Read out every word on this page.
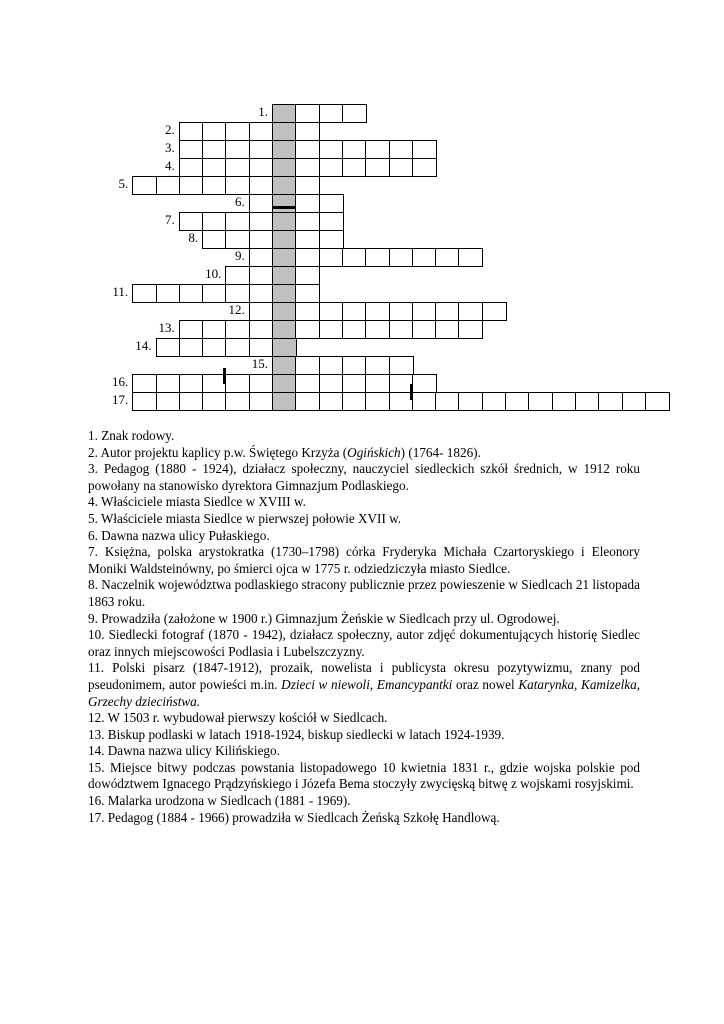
1.
2.
3.
4.
5.
6.
7.
8.
9.
10.
11.
12.
13.
14.
15.
16.
17.

1. Znak rodowy.

2. Autor projektu kaplicy p.w. Świętego Krzyża (Ogińskich) (1764- 1826).

3. Pedagog (1880 - 1924), działacz społeczny, nauczyciel siedleckich szkół średnich, w 1912 roku powołany na stanowisko dyrektora Gimnazjum Podlaskiego.

4. Właściciele miasta Siedlce w XVIII w.

5. Właściciele miasta Siedlce w pierwszej połowie XVII w.

6. Dawna nazwa ulicy Pułaskiego.

7. Księżna, polska arystokratka (1730–1798) córka Fryderyka Michała Czartoryskiego i Eleonory Moniki Waldsteinówny, po śmierci ojca w 1775 r. odziedziczyła miasto Siedlce.

8. Naczelnik województwa podlaskiego stracony publicznie przez powieszenie w Siedlcach 21 listopada 1863 roku.

9. Prowadziła (założone w 1900 r.) Gimnazjum Żeńskie w Siedlcach przy ul. Ogrodowej.

10. Siedlecki fotograf (1870 - 1942), działacz społeczny, autor zdjęć dokumentujących historię Siedlec oraz innych miejscowości Podlasia i Lubelszczyzny.

11. Polski pisarz (1847-1912), prozaik, nowelista i publicysta okresu pozytywizmu, znany pod pseudonimem, autor powieści m.in. Dzieci w niewoli, Emancypantki oraz nowel Katarynka, Kamizelka, Grzechy dzieciństwa.

12. W 1503 r. wybudował pierwszy kościół w Siedlcach.

13. Biskup podlaski w latach 1918-1924, biskup siedlecki w latach 1924-1939.

14. Dawna nazwa ulicy Kilińskiego.

15. Miejsce bitwy podczas powstania listopadowego 10 kwietnia 1831 r., gdzie wojska polskie pod dowództwem Ignacego Prądzyńskiego i Józefa Bema stoczyły zwycięską bitwę z wojskami rosyjskimi.

16. Malarka urodzona w Siedlcach (1881 - 1969).

17. Pedagog (1884 - 1966) prowadziła w Siedlcach Żeńską Szkołę Handlową.
